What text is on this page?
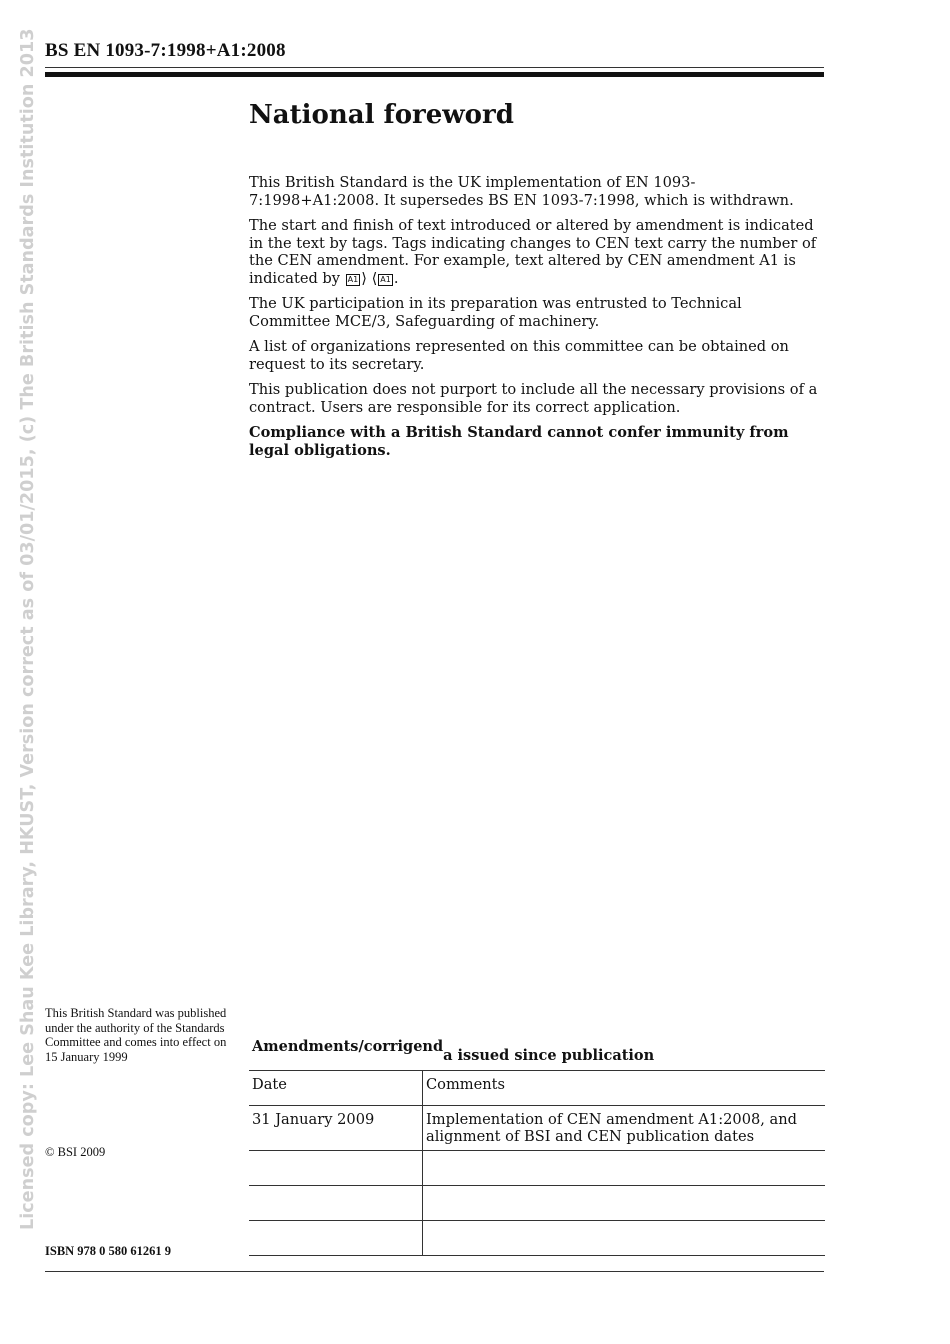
BS EN 1093-7:1998+A1:2008
Licensed copy: Lee Shau Kee Library, HKUST, Version correct as of 03/01/2015, (c) The British Standards Institution 2013	National foreword

This British Standard is the UK implementation of EN 1093-7:1998+A1:2008. It supersedes BS EN 1093-7:1998, which is withdrawn.

The start and finish of text introduced or altered by amendment is indicated in the text by tags. Tags indicating changes to CEN text carry the number of the CEN amendment. For example, text altered by CEN amendment A1 is indicated by A1 ⟩ ⟨ A1 .

The UK participation in its preparation was entrusted to Technical Committee MCE/3, Safeguarding of machinery.

A list of organizations represented on this committee can be obtained on request to its secretary.

This publication does not purport to include all the necessary provisions of a contract. Users are responsible for its correct application.

Compliance with a British Standard cannot confer immunity from legal obligations.

This British Standard was published under the authority of the Standards Committee and comes into effect on 15 January 1999
© BSI 2009
ISBN 978 0 580 61261 9
Amendments/corrigenda issued since publication
Date	Comments
31 January 2009	Implementation of CEN amendment A1:2008, and alignment of BSI and CEN publication dates
